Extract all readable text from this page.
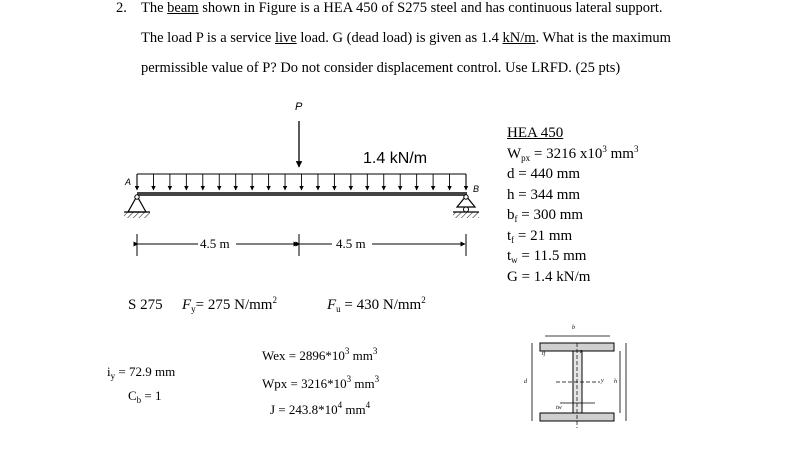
2. The beam shown in Figure is a HEA 450 of S275 steel and has continuous lateral support.
The load P is a service live load. G (dead load) is given as 1.4 kN/m. What is the maximum
permissible value of P? Do not consider displacement control. Use LRFD. (25 pts)
P
1.4 kN/m
A
B
4.5 m	4.5 m
HEA 450
$W_{px} = 3216$ $x10^3$ $mm^3$
d = 440 mm
h = 344 mm
$b_f = 300$ mm
$t_f = 21$ mm
$t_w = 11.5$ mm
G = 1.4 kN/m
S 275 $F_y= 275$ $N/mm^2$	$F_u = 430$ $N/mm^2$
$i_y = 72.9$ mm
$C_b = 1$
Wex = $2896*10^3$ $mm^3$
Wpx = $3216*10^3$ $mm^3$
$J = 243.8*10^4$ $mm^4$
b
tf
d	h
tw
z
y
